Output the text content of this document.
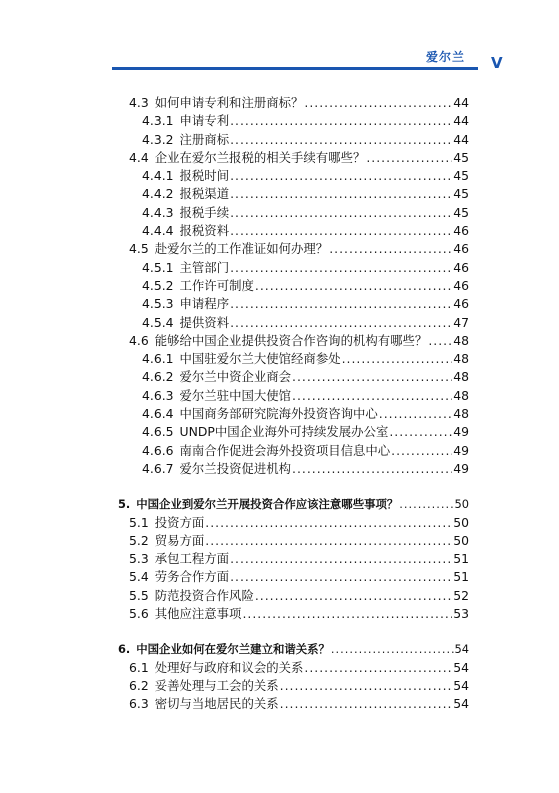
爱尔兰 V
4.3 如何申请专利和注册商标？ .....	44
4.3.1 申请专利 .....	44
4.3.2 注册商标 .....	44
4.4 企业在爱尔兰报税的相关手续有哪些？ .....	45
4.4.1 报税时间 .....	45
4.4.2 报税渠道 .....	45
4.4.3 报税手续 .....	45
4.4.4 报税资料 .....	46
4.5 赴爱尔兰的工作准证如何办理？ .....	46
4.5.1 主管部门 .....	46
4.5.2 工作许可制度 .....	46
4.5.3 申请程序 .....	46
4.5.4 提供资料 .....	47
4.6 能够给中国企业提供投资合作咨询的机构有哪些？ ..... 48
4.6.1 中国驻爱尔兰大使馆经商参处 .....	48
4.6.2 爱尔兰中资企业商会 .....	48
4.6.3 爱尔兰驻中国大使馆 .....	48
4.6.4 中国商务部研究院海外投资咨询中心 .....	48
4.6.5 UNDP中国企业海外可持续发展办公室 .....	49
4.6.6 南南合作促进会海外投资项目信息中心 .....	49
4.6.7 爱尔兰投资促进机构 .....	49
5. 中国企业到爱尔兰开展投资合作应该注意哪些事项？ .....	50
5.1 投资方面 .....	50
5.2 贸易方面 .....	50
5.3 承包工程方面 .....	51
5.4 劳务合作方面 .....	51
5.5 防范投资合作风险 .....	52
5.6 其他应注意事项 .....	53
6. 中国企业如何在爱尔兰建立和谐关系？ .....	54
6.1 处理好与政府和议会的关系 .....	54
6.2 妥善处理与工会的关系 .....	54
6.3 密切与当地居民的关系 .....	54
